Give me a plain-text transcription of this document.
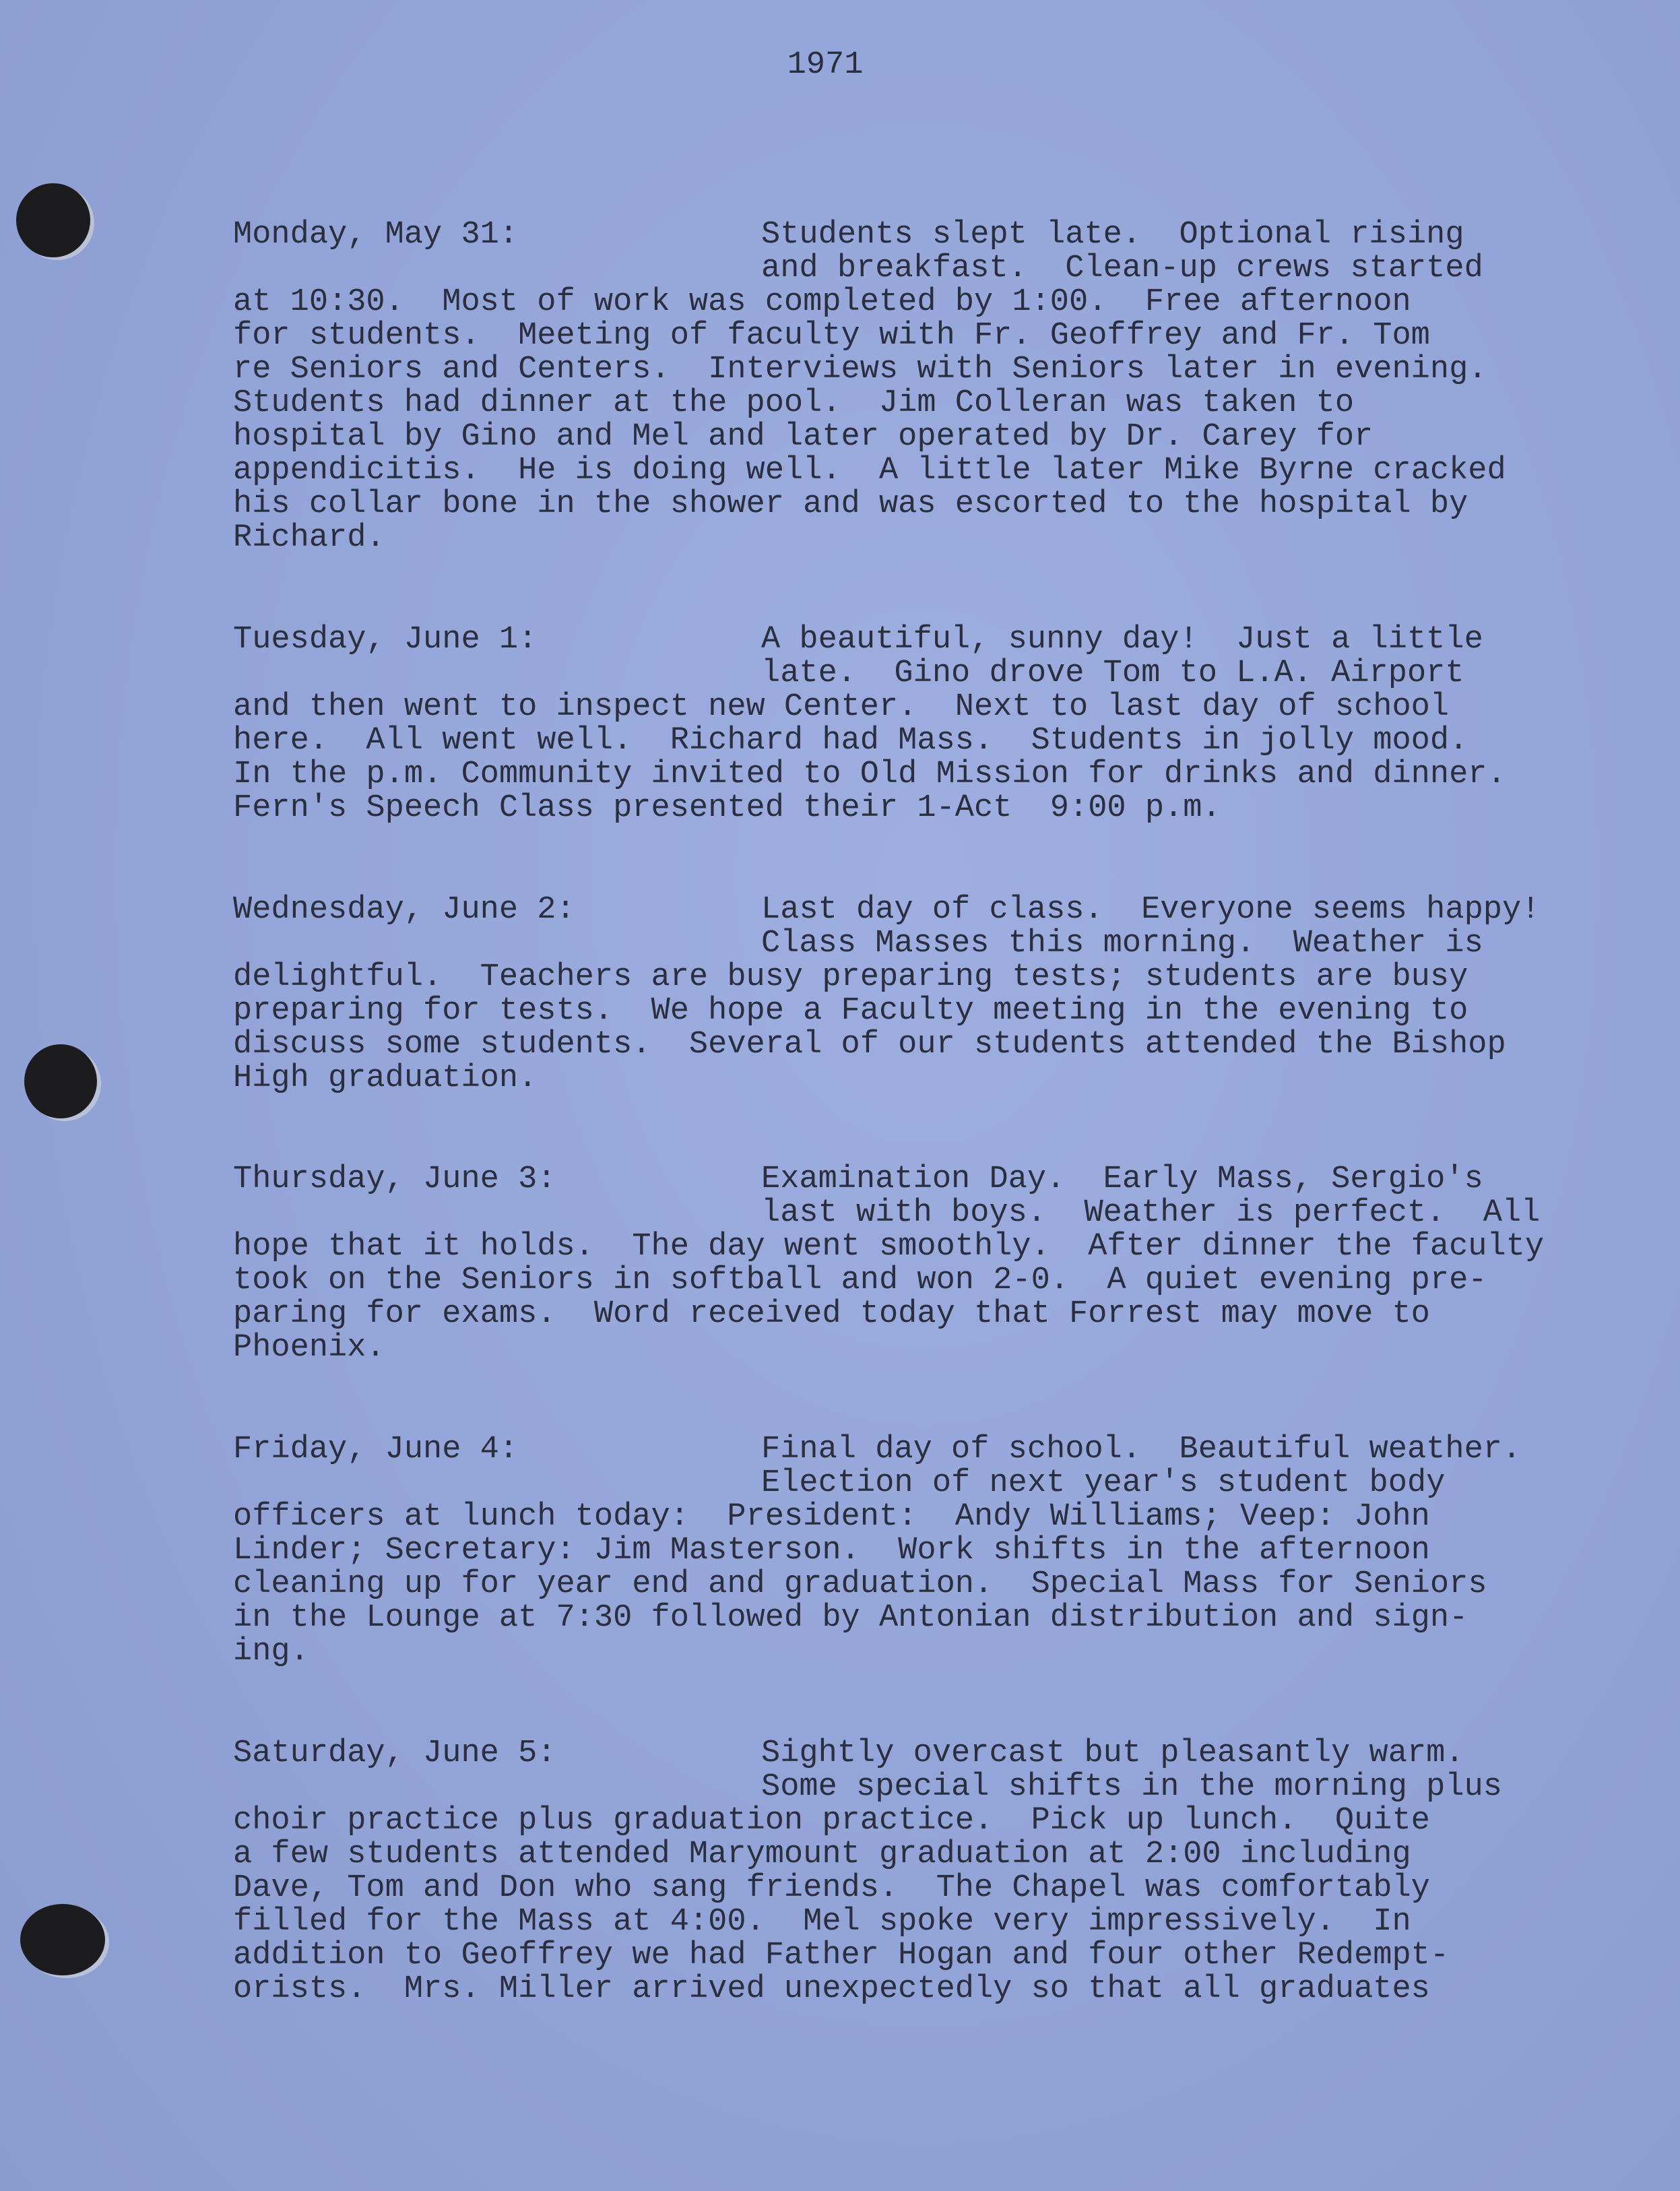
1971
Monday, May 31:	Students slept late.  Optional rising
and breakfast.  Clean-up crews started
at 10:30.  Most of work was completed by 1:00.  Free afternoon
for students.  Meeting of faculty with Fr. Geoffrey and Fr. Tom
re Seniors and Centers.  Interviews with Seniors later in evening.
Students had dinner at the pool.  Jim Colleran was taken to
hospital by Gino and Mel and later operated by Dr. Carey for
appendicitis.  He is doing well.  A little later Mike Byrne cracked
his collar bone in the shower and was escorted to the hospital by
Richard.
Tuesday, June 1:	A beautiful, sunny day!  Just a little
late.  Gino drove Tom to L.A. Airport
and then went to inspect new Center.  Next to last day of school
here.  All went well.  Richard had Mass.  Students in jolly mood.
In the p.m. Community invited to Old Mission for drinks and dinner.
Fern's Speech Class presented their 1-Act  9:00 p.m.
Wednesday, June 2:	Last day of class.  Everyone seems happy!
Class Masses this morning.  Weather is
delightful.  Teachers are busy preparing tests; students are busy
preparing for tests.  We hope a Faculty meeting in the evening to
discuss some students.  Several of our students attended the Bishop
High graduation.
Thursday, June 3:	Examination Day.  Early Mass, Sergio's
last with boys.  Weather is perfect.  All
hope that it holds.  The day went smoothly.  After dinner the faculty
took on the Seniors in softball and won 2-0.  A quiet evening pre-
paring for exams.  Word received today that Forrest may move to
Phoenix.
Friday, June 4:	Final day of school.  Beautiful weather.
Election of next year's student body
officers at lunch today:  President:  Andy Williams; Veep: John
Linder; Secretary: Jim Masterson.  Work shifts in the afternoon
cleaning up for year end and graduation.  Special Mass for Seniors
in the Lounge at 7:30 followed by Antonian distribution and sign-
ing.
Saturday, June 5:	Sightly overcast but pleasantly warm.
Some special shifts in the morning plus
choir practice plus graduation practice.  Pick up lunch.  Quite
a few students attended Marymount graduation at 2:00 including
Dave, Tom and Don who sang friends.  The Chapel was comfortably
filled for the Mass at 4:00.  Mel spoke very impressively.  In
addition to Geoffrey we had Father Hogan and four other Redempt-
orists.  Mrs. Miller arrived unexpectedly so that all graduates
